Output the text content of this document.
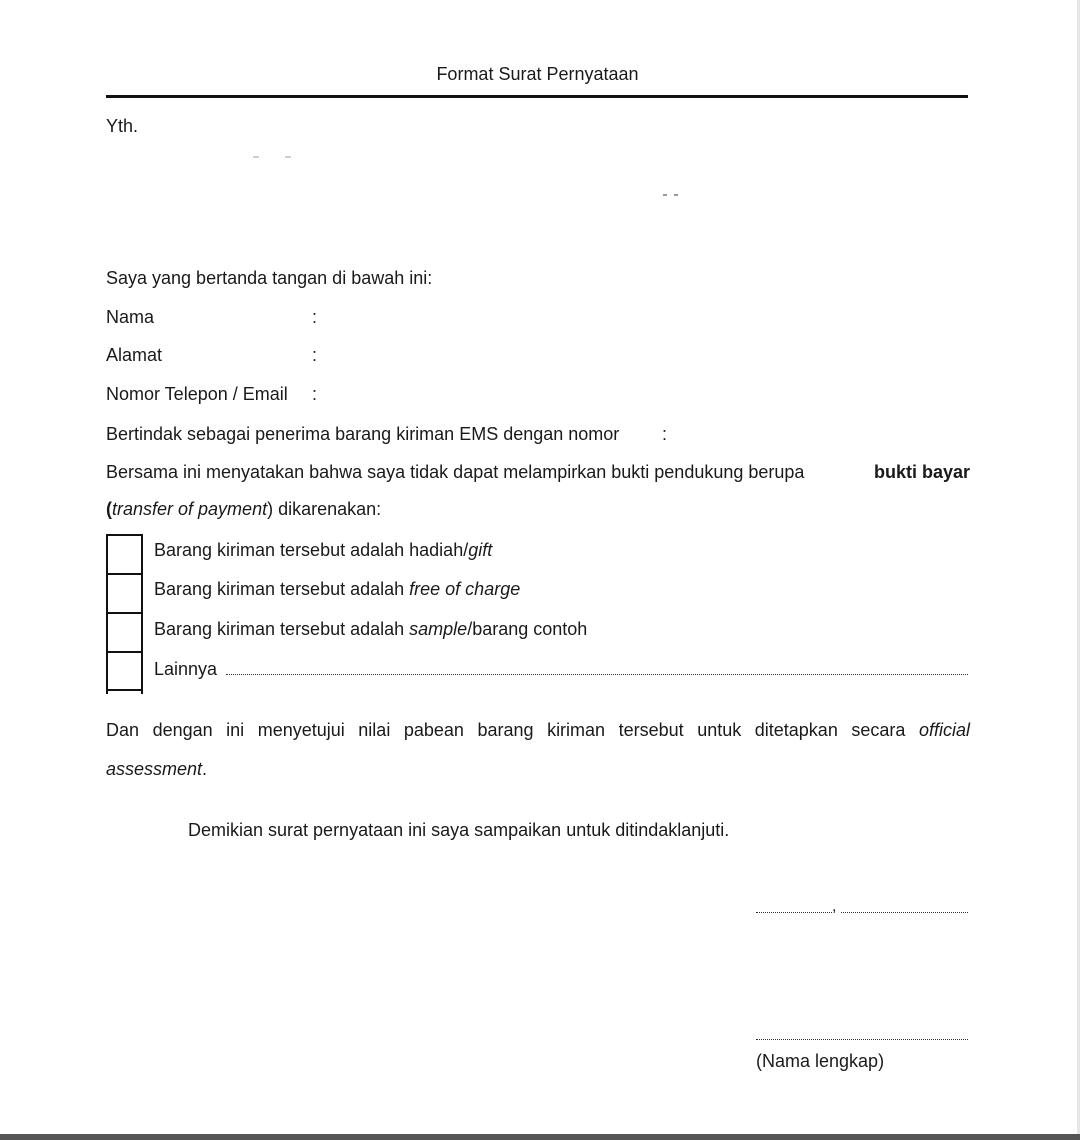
Format Surat Pernyataan
Yth.
Saya yang bertanda tangan di bawah ini:
Nama	:
Alamat	:
Nomor Telepon / Email :
Bertindak sebagai penerima barang kiriman EMS dengan nomor :
Bersama ini menyatakan bahwa saya tidak dapat melampirkan bukti pendukung berupa	bukti bayar
(transfer of payment) dikarenakan:
Barang kiriman tersebut adalah hadiah/gift
Barang kiriman tersebut adalah free of charge
Barang kiriman tersebut adalah sample/barang contoh
Lainnya
Dan dengan ini menyetujui nilai pabean barang kiriman tersebut untuk ditetapkan secara official
assessment.
Demikian surat pernyataan ini saya sampaikan untuk ditindaklanjuti.
,
(Nama lengkap)
